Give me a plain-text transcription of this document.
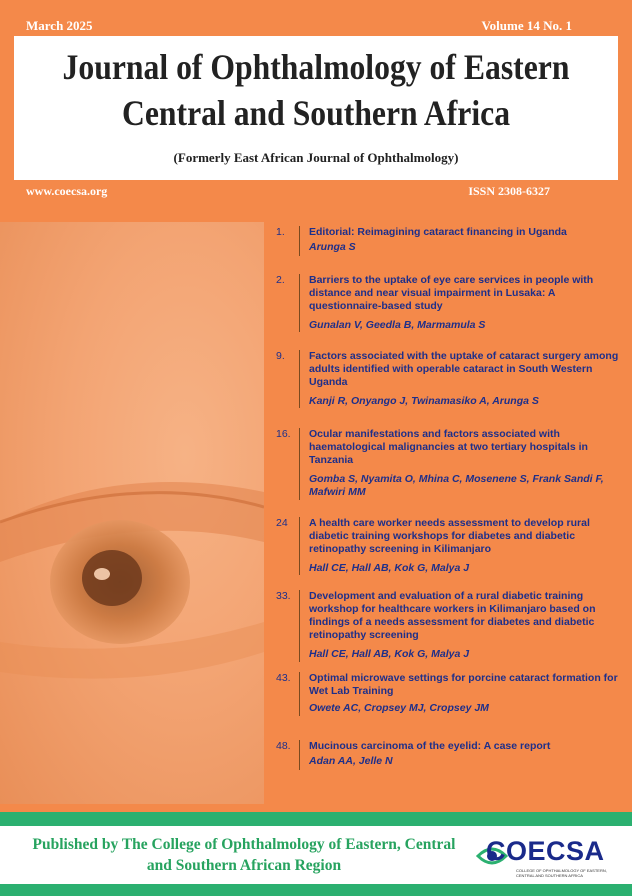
March 2025	Volume 14 No. 1
Journal of Ophthalmology of Eastern
Central and Southern Africa
(Formerly East African Journal of Ophthalmology)
www.coecsa.org	ISSN 2308-6327
1.	Editorial: Reimagining cataract financing in Uganda
Arunga S
2.	Barriers to the uptake of eye care services in people with distance and near visual impairment in Lusaka: A questionnaire-based study
Gunalan V, Geedla B, Marmamula S
9.	Factors associated with the uptake of cataract surgery among adults identified with operable cataract in South Western Uganda
Kanji R, Onyango J, Twinamasiko A, Arunga S
16.	Ocular manifestations and factors associated with haematological malignancies at two tertiary hospitals in Tanzania
Gomba S, Nyamita O, Mhina C, Mosenene S, Frank Sandi F, Mafwiri MM
24	A health care worker needs assessment to develop rural diabetic training workshops for diabetes and diabetic retinopathy screening in Kilimanjaro
Hall CE, Hall AB, Kok G, Malya J
33.	Development and evaluation of a rural diabetic training workshop for healthcare workers in Kilimanjaro based on findings of a needs assessment for diabetes and diabetic retinopathy screening
Hall CE, Hall AB, Kok G, Malya J
43.	Optimal microwave settings for porcine cataract formation for Wet Lab Training
Owete AC, Cropsey MJ, Cropsey JM
48.	Mucinous carcinoma of the eyelid: A case report
Adan AA, Jelle N
Published by The College of Ophthalmology of Eastern, Central
and Southern African Region	COECSA
COLLEGE OF OPHTHALMOLOGY OF EASTERN, CENTRAL AND SOUTHERN AFRICA
